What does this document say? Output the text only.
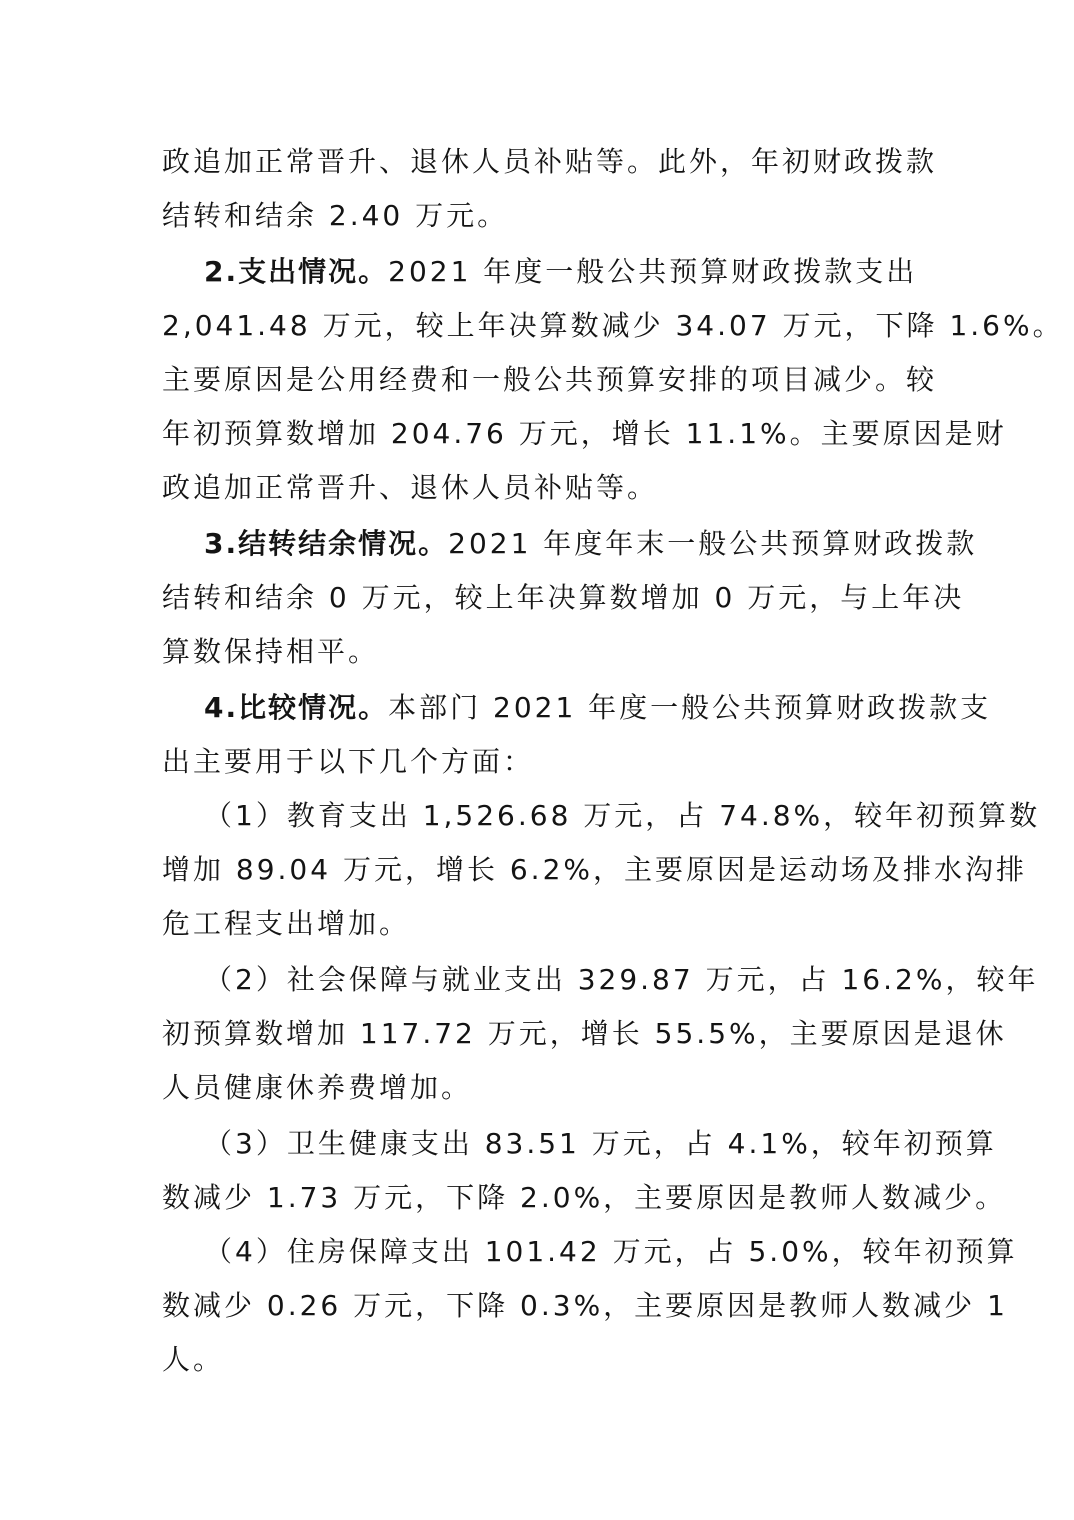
政追加正常晋升、退休人员补贴等。此外，年初财政拨款
结转和结余 2.40 万元。
2.支出情况。2021 年度一般公共预算财政拨款支出
2,041.48 万元，较上年决算数减少 34.07 万元，下降 1.6%。
主要原因是公用经费和一般公共预算安排的项目减少。较
年初预算数增加 204.76 万元，增长 11.1%。主要原因是财
政追加正常晋升、退休人员补贴等。
3.结转结余情况。2021 年度年末一般公共预算财政拨款
结转和结余 0 万元，较上年决算数增加 0 万元，与上年决
算数保持相平。
4.比较情况。本部门 2021 年度一般公共预算财政拨款支
出主要用于以下几个方面：
（1）教育支出 1,526.68 万元，占 74.8%，较年初预算数
增加 89.04 万元，增长 6.2%，主要原因是运动场及排水沟排
危工程支出增加。
（2）社会保障与就业支出 329.87 万元，占 16.2%，较年
初预算数增加 117.72 万元，增长 55.5%，主要原因是退休
人员健康休养费增加。
（3）卫生健康支出 83.51 万元，占 4.1%，较年初预算
数减少 1.73 万元，下降 2.0%，主要原因是教师人数减少。
（4）住房保障支出 101.42 万元，占 5.0%，较年初预算
数减少 0.26 万元，下降 0.3%，主要原因是教师人数减少 1
人。
